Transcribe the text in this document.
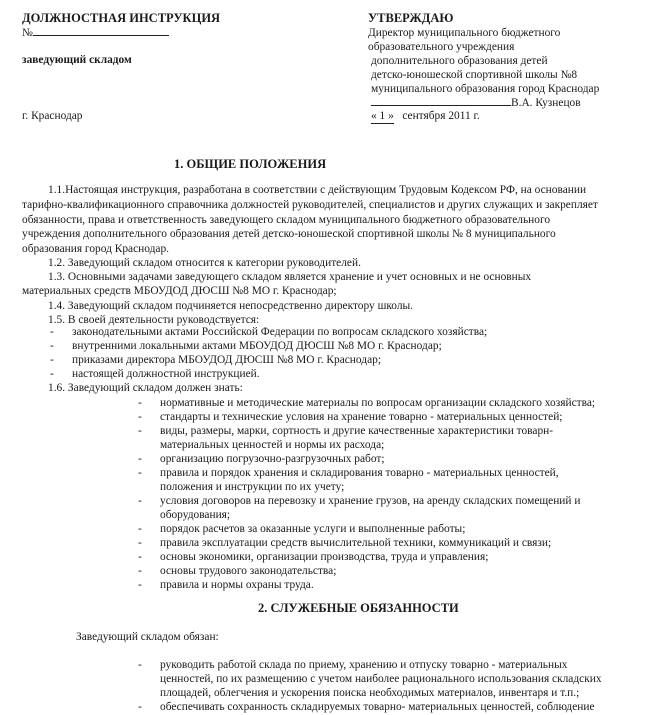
ДОЛЖНОСТНАЯ ИНСТРУКЦИЯ
№
заведующий складом
г. Краснодар
УТВЕРЖДАЮ
Директор муниципального бюджетного
образовательного учреждения
дополнительного образования детей
детско-юношеской спортивной школы №8
муниципального образования город Краснодар
В.А. Кузнецов
« 1 » сентября 2011 г.
1. ОБЩИЕ ПОЛОЖЕНИЯ
1.1.Настоящая инструкция, разработана в соответствии с действующим Трудовым Кодексом РФ, на основании
тарифно-квалификационного справочника должностей руководителей, специалистов и других служащих и закрепляет
обязанности, права и ответственность заведующего складом муниципального бюджетного образовательного
учреждения дополнительного образования детей детско-юношеской спортивной школы № 8 муниципального
образования город Краснодар.
1.2. Заведующий складом относится к категории руководителей.
1.3. Основными задачами заведующего складом является хранение и учет основных и не основных
материальных средств МБОУДОД ДЮСШ №8 МО г. Краснодар;
1.4. Заведующий складом подчиняется непосредственно директору школы.
1.5. В своей деятельности руководствуется:
-	законодательными актами Российской Федерации по вопросам складского хозяйства;
-	внутренними локальными актами МБОУДОД ДЮСШ №8 МО г. Краснодар;
-	приказами директора МБОУДОД ДЮСШ №8 МО г. Краснодар;
-	настоящей должностной инструкцией.
1.6. Заведующий складом должен знать:
-	нормативные и методические материалы по вопросам организации складского хозяйства;
-	стандарты и технические условия на хранение товарно - материальных ценностей;
-	виды, размеры, марки, сортность и другие качественные характеристики товарн-
материальных ценностей и нормы их расхода;
-	организацию погрузочно-разгрузочных работ;
-	правила и порядок хранения и складирования товарно - материальных ценностей,
положения и инструкции по их учету;
-	условия договоров на перевозку и хранение грузов, на аренду складских помещений и
оборудования;
-	порядок расчетов за оказанные услуги и выполненные работы;
-	правила эксплуатации средств вычислительной техники, коммуникаций и связи;
-	основы экономики, организации производства, труда и управления;
-	основы трудового законодательства;
-	правила и нормы охраны труда.
2. СЛУЖЕБНЫЕ ОБЯЗАННОСТИ
Заведующий складом обязан:
-	руководить работой склада по приему, хранению и отпуску товарно - материальных
ценностей, по их размещению с учетом наиболее рационального использования складских
площадей, облегчения и ускорения поиска необходимых материалов, инвентаря и т.п.;
-	обеспечивать сохранность складируемых товарно- материальных ценностей, соблюдение
